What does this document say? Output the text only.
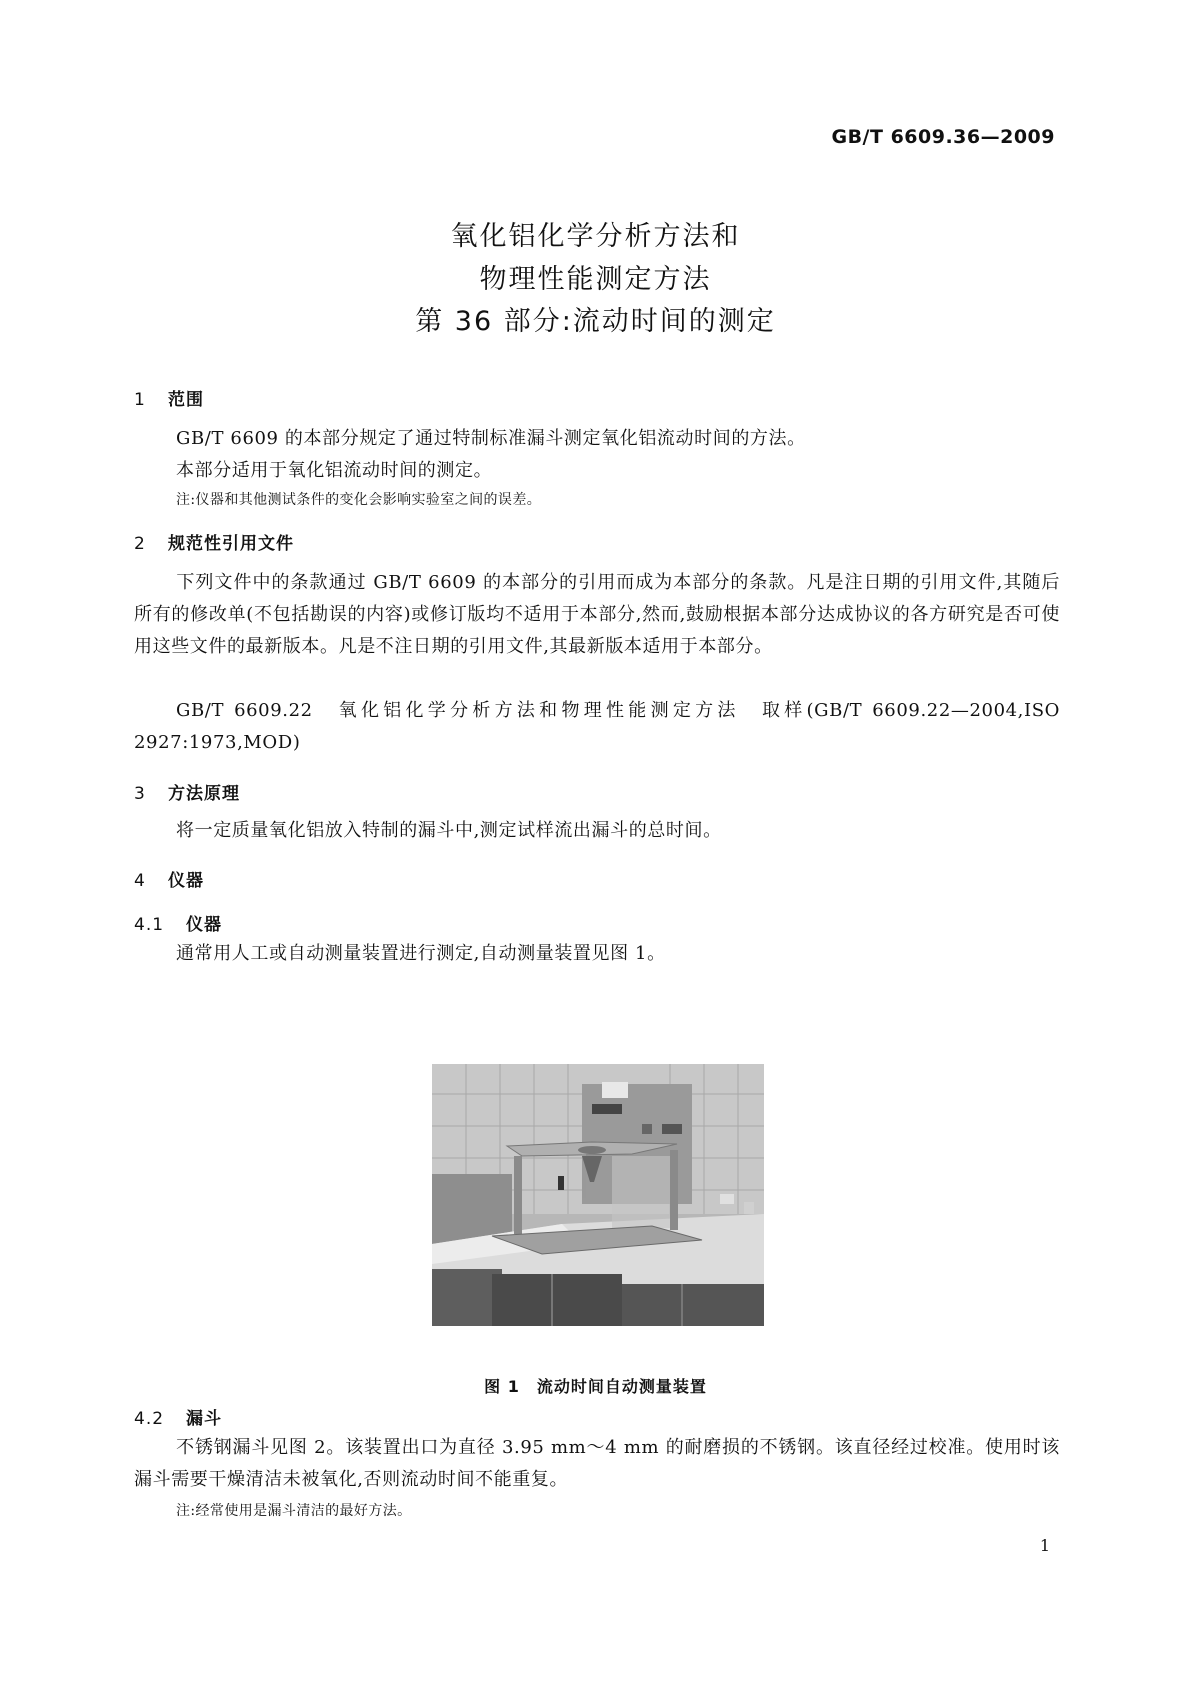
GB/T 6609.36—2009
氧化铝化学分析方法和
物理性能测定方法
第 36 部分:流动时间的测定
1 范围
GB/T 6609 的本部分规定了通过特制标准漏斗测定氧化铝流动时间的方法。
本部分适用于氧化铝流动时间的测定。
注:仪器和其他测试条件的变化会影响实验室之间的误差。
2 规范性引用文件
下列文件中的条款通过 GB/T 6609 的本部分的引用而成为本部分的条款。凡是注日期的引用文件,其随后所有的修改单(不包括勘误的内容)或修订版均不适用于本部分,然而,鼓励根据本部分达成协议的各方研究是否可使用这些文件的最新版本。凡是不注日期的引用文件,其最新版本适用于本部分。
GB/T 6609.22　氧化铝化学分析方法和物理性能测定方法　取样(GB/T 6609.22—2004,ISO 2927:1973,MOD)
3 方法原理
将一定质量氧化铝放入特制的漏斗中,测定试样流出漏斗的总时间。
4 仪器
4.1 仪器
通常用人工或自动测量装置进行测定,自动测量装置见图 1。
图 1　流动时间自动测量装置
4.2 漏斗
不锈钢漏斗见图 2。该装置出口为直径 3.95 mm～4 mm 的耐磨损的不锈钢。该直径经过校准。使用时该漏斗需要干燥清洁未被氧化,否则流动时间不能重复。
注:经常使用是漏斗清洁的最好方法。
1
